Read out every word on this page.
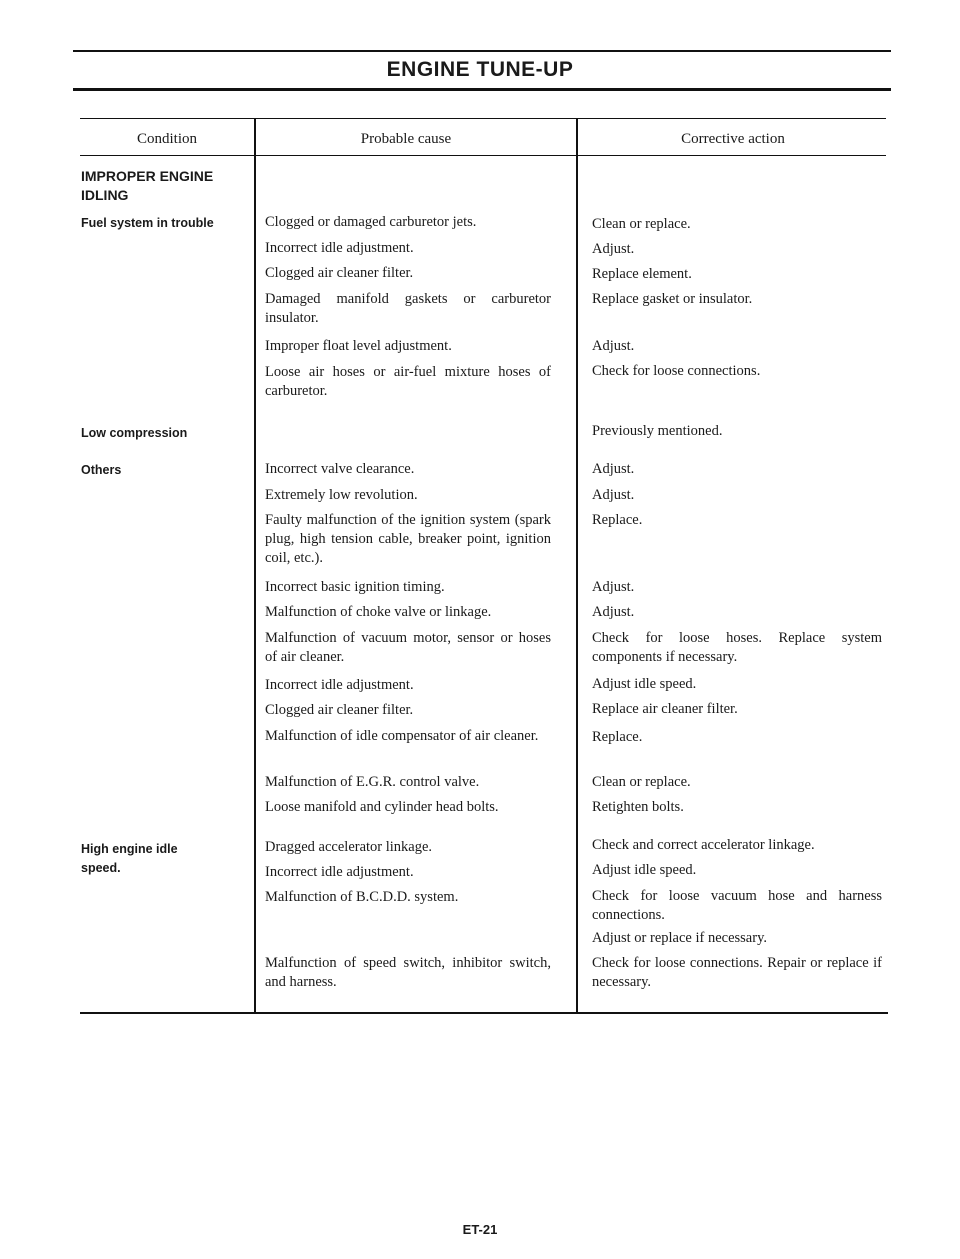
ENGINE TUNE-UP
Condition	Probable cause	Corrective action
IMPROPER ENGINE IDLING
Fuel system in trouble
Low compression
Others
High engine idle speed.
Clogged or damaged carburetor jets.
Incorrect idle adjustment.
Clogged air cleaner filter.
Damaged manifold gaskets or carburetor insulator.
Improper float level adjustment.
Loose air hoses or air-fuel mixture hoses of carburetor.
Incorrect valve clearance.
Extremely low revolution.
Faulty malfunction of the ignition system (spark plug, high tension cable, breaker point, ignition coil, etc.).
Incorrect basic ignition timing.
Malfunction of choke valve or linkage.
Malfunction of vacuum motor, sensor or hoses of air cleaner.
Incorrect idle adjustment.
Clogged air cleaner filter.
Malfunction of idle compensator of air cleaner.
Malfunction of E.G.R. control valve.
Loose manifold and cylinder head bolts.
Dragged accelerator linkage.
Incorrect idle adjustment.
Malfunction of B.C.D.D. system.
Malfunction of speed switch, inhibitor switch, and harness.
Clean or replace.
Adjust.
Replace element.
Replace gasket or insulator.
Adjust.
Check for loose connections.
Previously mentioned.
Adjust.
Adjust.
Replace.
Adjust.
Adjust.
Check for loose hoses. Replace system components if necessary.
Adjust idle speed.
Replace air cleaner filter.
Replace.
Clean or replace.
Retighten bolts.
Check and correct accelerator linkage.
Adjust idle speed.
Check for loose vacuum hose and harness connections.
Adjust or replace if necessary.
Check for loose connections. Repair or replace if necessary.
ET-21
